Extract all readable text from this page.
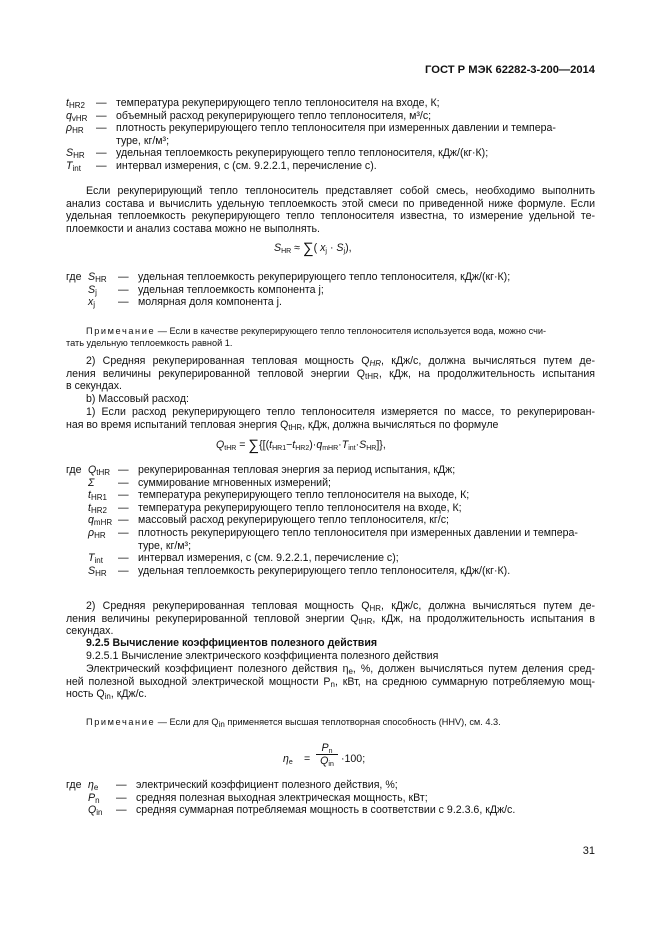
ГОСТ Р МЭК 62282-3-200—2014
$t_{HR2}$ — температура рекуперирующего тепло теплоносителя на входе, К;
$q_{vHR}$ — объемный расход рекуперирующего тепло теплоносителя, м³/с;
$\rho_{HR}$ — плотность рекуперирующего тепло теплоносителя при измеренных давлении и темпера-
туре, кг/м³;
$S_{HR}$ — удельная теплоемкость рекуперирующего тепло теплоносителя, кДж/(кг·К);
$T_{int}$ — интервал измерения, с (см. 9.2.2.1, перечисление с).
Если рекуперирующий тепло теплоноситель представляет собой смесь, необходимо выполнить
анализ состава и вычислить удельную теплоемкость этой смеси по приведенной ниже формуле. Если
удельная теплоемкость рекуперирующего тепло теплоносителя известна, то измерение удельной те-
плоемкости и анализ состава можно не выполнять.
$S_{HR}$ ≈ ∑( $x_j \cdot S_j$),
где $S_{HR}$ — удельная теплоемкость рекуперирующего тепло теплоносителя, кДж/(кг·К);
$S_j$ — удельная теплоемкость компонента j;
$x_j$ — молярная доля компонента j.
Примечание — Если в качестве рекуперирующего тепло теплоносителя используется вода, можно счи-
тать удельную теплоемкость равной 1.
2) Средняя рекуперированная тепловая мощность $Q_{HR}$, кДж/с, должна вычисляться путем де-
ления величины рекуперированной тепловой энергии $Q_{tHR}$, кДж, на продолжительность испытания
в секундах.
b) Массовый расход:
1) Если расход рекуперирующего тепло теплоносителя измеряется по массе, то рекуперирован-
ная во время испытаний тепловая энергия $Q_{tHR}$, кДж, должна вычисляться по формуле
$Q_{tHR} = \sum\{[(t_{HR1}-t_{HR2})\cdot q_{mHR}\cdot T_{int}\cdot S_{HR}]\}$,
где $Q_{tHR}$ — рекуперированная тепловая энергия за период испытания, кДж;
Σ — суммирование мгновенных измерений;
$t_{HR1}$ — температура рекуперирующего тепло теплоносителя на выходе, К;
$t_{HR2}$ — температура рекуперирующего тепло теплоносителя на входе, К;
$q_{mHR}$ — массовый расход рекуперирующего тепло теплоносителя, кг/с;
$\rho_{HR}$ — плотность рекуперирующего тепло теплоносителя при измеренных давлении и темпера-
туре, кг/м³;
$T_{int}$ — интервал измерения, с (см. 9.2.2.1, перечисление с);
$S_{HR}$ — удельная теплоемкость рекуперирующего тепло теплоносителя, кДж/(кг·К).
2) Средняя рекуперированная тепловая мощность $Q_{HR}$, кДж/с, должна вычисляться путем де-
ления величины рекуперированной тепловой энергии $Q_{tHR}$, кДж, на продолжительность испытания в
секундах.
9.2.5 Вычисление коэффициентов полезного действия
9.2.5.1 Вычисление электрического коэффициента полезного действия
Электрический коэффициент полезного действия $\eta_e$, %, должен вычисляться путем деления сред-
ней полезной выходной электрической мощности $P_n$, кВт, на среднюю суммарную потребляемую мощ-
ность $Q_{in}$, кДж/с.
Примечание — Если для $Q_{in}$ применяется высшая теплотворная способность (HHV), см. 4.3.
$\eta_e$ =
$P_n$
$Q_{in} \cdot 100$;
где $\eta_e$ — электрический коэффициент полезного действия, %;
$P_n$ — средняя полезная выходная электрическая мощность, кВт;
$Q_{in}$ — средняя суммарная потребляемая мощность в соответствии с 9.2.3.6, кДж/с.
31
